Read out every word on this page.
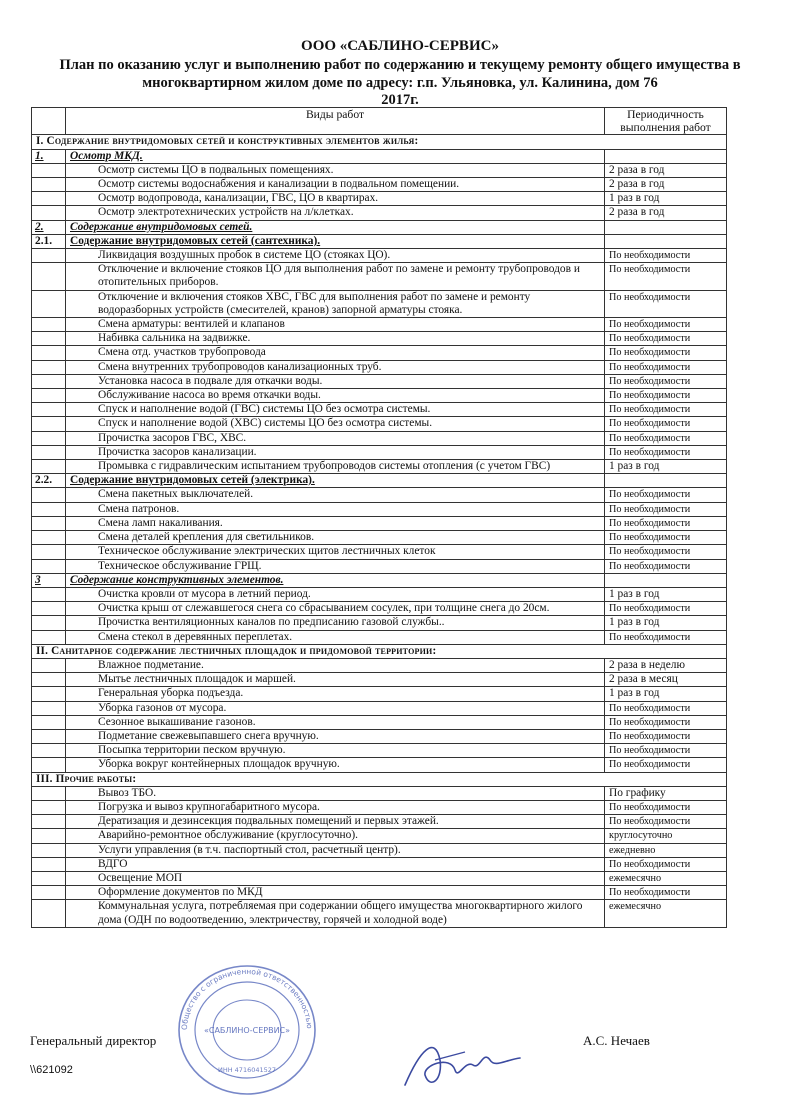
ООО «САБЛИНО-СЕРВИС»
План по оказанию услуг и выполнению работ по содержанию и текущему ремонту общего имущества в многоквартирном жилом доме по адресу: г.п. Ульяновка, ул. Калинина, дом 76
2017г.
	Виды работ	Периодичность выполнения работ
I. Содержание внутридомовых сетей и конструктивных элементов жилья:		
1.	Осмотр МКД.	
	Осмотр системы ЦО в подвальных помещениях.	2 раза в год
	Осмотр системы водоснабжения и канализации в подвальном помещении.	2 раза в год
	Осмотр водопровода, канализации, ГВС, ЦО в квартирах.	1 раз в год
	Осмотр электротехнических устройств на л/клетках.	2 раза в год
2.	Содержание внутридомовых сетей.	
2.1.	Содержание внутридомовых сетей (сантехника).	
	Ликвидация воздушных пробок в системе ЦО (стояках ЦО).	По необходимости
	Отключение и включение стояков ЦО для выполнения работ по замене и ремонту трубопроводов и отопительных приборов.	По необходимости
	Отключение и включения стояков ХВС, ГВС для выполнения работ по замене и ремонту водоразборных устройств (смесителей, кранов) запорной арматуры стояка.	По необходимости
	Смена арматуры: вентилей и клапанов	По необходимости
	Набивка сальника на задвижке.	По необходимости
	Смена отд. участков трубопровода	По необходимости
	Смена внутренних трубопроводов канализационных труб.	По необходимости
	Установка насоса в подвале для откачки воды.	По необходимости
	Обслуживание насоса во время откачки воды.	По необходимости
	Спуск и наполнение водой (ГВС) системы ЦО без осмотра системы.	По необходимости
	Спуск и наполнение водой (ХВС) системы ЦО без осмотра системы.	По необходимости
	Прочистка засоров ГВС, ХВС.	По необходимости
	Прочистка засоров канализации.	По необходимости
	Промывка с гидравлическим испытанием трубопроводов системы отопления (с учетом ГВС)	1 раз в год
2.2.	Содержание внутридомовых сетей (электрика).	
	Смена пакетных выключателей.	По необходимости
	Смена патронов.	По необходимости
	Смена ламп накаливания.	По необходимости
	Смена деталей крепления для светильников.	По необходимости
	Техническое обслуживание электрических щитов лестничных клеток	По необходимости
	Техническое обслуживание ГРЩ.	По необходимости
3	Содержание конструктивных элементов.	
	Очистка кровли от мусора в летний период.	1 раз в год
	Очистка крыш от слежавшегося снега со сбрасыванием сосулек, при толщине снега до 20см.	По необходимости
	Прочистка вентиляционных каналов по предписанию газовой службы..	1 раз в год
	Смена стекол в деревянных переплетах.	По необходимости
II. Санитарное содержание лестничных площадок и придомовой территории:		
	Влажное подметание.	2 раза в неделю
	Мытье лестничных площадок и маршей.	2 раза в месяц
	Генеральная уборка подъезда.	1 раз в год
	Уборка газонов от мусора.	По необходимости
	Сезонное выкашивание газонов.	По необходимости
	Подметание свежевыпавшего снега вручную.	По необходимости
	Посыпка территории песком вручную.	По необходимости
	Уборка вокруг контейнерных площадок вручную.	По необходимости
III. Прочие работы:		
	Вывоз ТБО.	По графику
	Погрузка и вывоз крупногабаритного мусора.	По необходимости
	Дератизация и дезинсекция подвальных помещений и первых этажей.	По необходимости
	Аварийно-ремонтное обслуживание (круглосуточно).	круглосуточно
	Услуги управления (в т.ч. паспортный стол, расчетный центр).	ежедневно
	ВДГО	По необходимости
	Освещение МОП	ежемесячно
	Оформление документов по МКД	По необходимости
	Коммунальная услуга, потребляемая при содержании общего имущества многоквартирного жилого дома (ОДН по водоотведению, электричеству, горячей и холодной воде)	ежемесячно
Генеральный директор	А.С. Нечаев
\\621092
Общество с ограниченной ответственностью
«САБЛИНО-СЕРВИС»
ИНН 4716041527
